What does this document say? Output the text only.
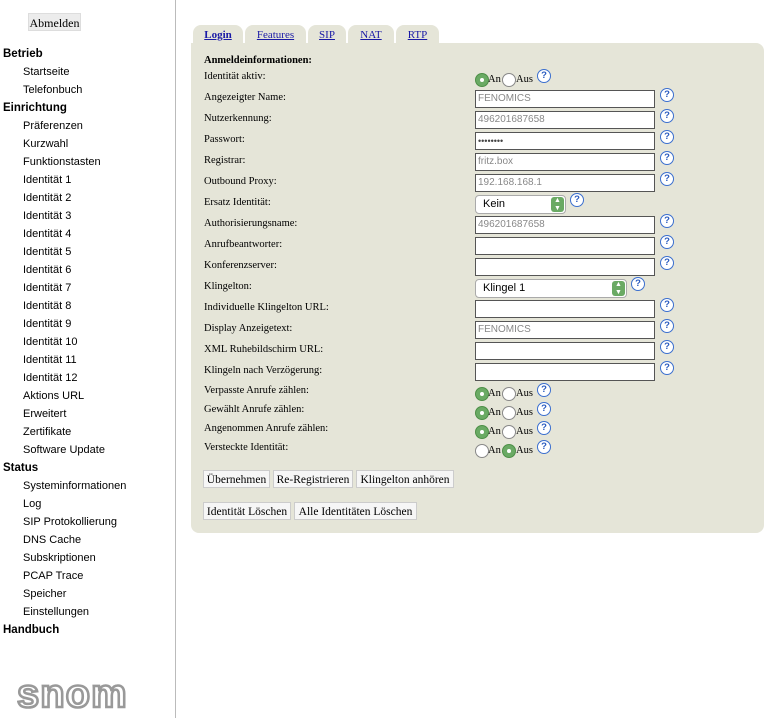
Abmelden
Betrieb
Startseite
Telefonbuch
Einrichtung
Präferenzen
Kurzwahl
Funktionstasten
Identität 1
Identität 2
Identität 3
Identität 4
Identität 5
Identität 6
Identität 7
Identität 8
Identität 9
Identität 10
Identität 11
Identität 12
Aktions URL
Erweitert
Zertifikate
Software Update
Status
Systeminformationen
Log
SIP Protokollierung
DNS Cache
Subskriptionen
PCAP Trace
Speicher
Einstellungen
Handbuch
snom
Login	Features	SIP	NAT	RTP
Anmeldeinformationen:
Identität aktiv:	An Aus ?
Angezeigter Name:	FENOMICS	?
Nutzerkennung:	496201687658	?
Passwort:	••••••••	?
Registrar:	fritz.box	?
Outbound Proxy:	192.168.168.1	?
Ersatz Identität:	Kein	▲
▼
?
Authorisierungsname:	496201687658	?
Anrufbeantworter:	?
Konferenzserver:	?
Klingelton:	Klingel 1	▲
▼
?
Individuelle Klingelton URL:	?
Display Anzeigetext:	FENOMICS	?
XML Ruhebildschirm URL:	?
Klingeln nach Verzögerung:	?
Verpasste Anrufe zählen:	An Aus ?
Gewählt Anrufe zählen:	An Aus ?
Angenommen Anrufe zählen:	An Aus ?
Versteckte Identität:	An Aus ?
Übernehmen Re-Registrieren Klingelton anhören
Identität Löschen	Alle Identitäten Löschen
